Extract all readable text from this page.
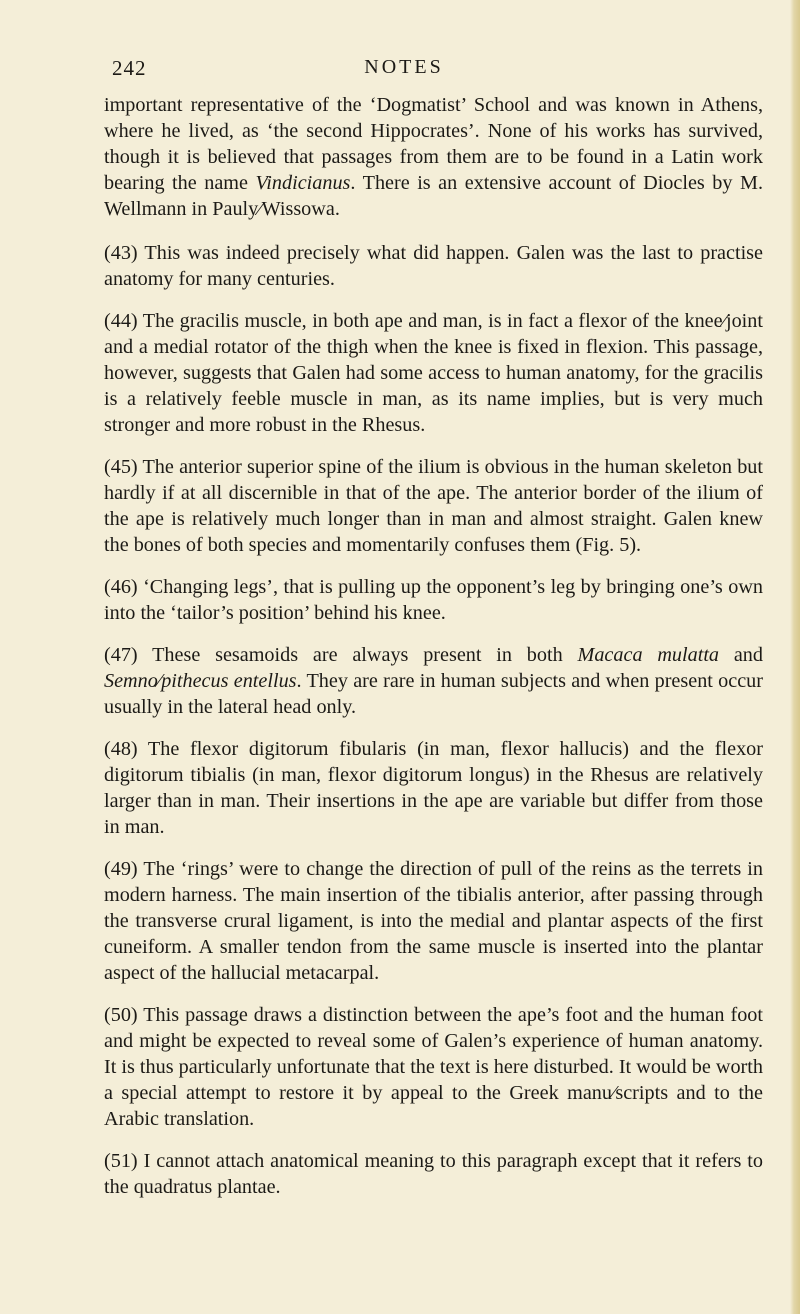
242	NOTES

important representative of the ‘Dogmatist’ School and was known in Athens, where he lived, as ‘the second Hippocrates’. None of his works has survived, though it is believed that passages from them are to be found in a Latin work bearing the name Vindicianus. There is an extensive account of Diocles by M. Wellmann in Pauly⁄Wissowa.

(43) This was indeed precisely what did happen. Galen was the last to practise anatomy for many centuries.

(44) The gracilis muscle, in both ape and man, is in fact a flexor of the knee⁄joint and a medial rotator of the thigh when the knee is fixed in flexion. This passage, however, suggests that Galen had some access to human anatomy, for the gracilis is a relatively feeble muscle in man, as its name implies, but is very much stronger and more robust in the Rhesus.

(45) The anterior superior spine of the ilium is obvious in the human skeleton but hardly if at all discernible in that of the ape. The anterior border of the ilium of the ape is relatively much longer than in man and almost straight. Galen knew the bones of both species and momentarily confuses them (Fig. 5).

(46) ‘Changing legs’, that is pulling up the opponent’s leg by bringing one’s own into the ‘tailor’s position’ behind his knee.

(47) These sesamoids are always present in both Macaca mulatta and Semno⁄pithecus entellus. They are rare in human subjects and when present occur usually in the lateral head only.

(48) The flexor digitorum fibularis (in man, flexor hallucis) and the flexor digitorum tibialis (in man, flexor digitorum longus) in the Rhesus are relatively larger than in man. Their insertions in the ape are variable but differ from those in man.

(49) The ‘rings’ were to change the direction of pull of the reins as the terrets in modern harness. The main insertion of the tibialis anterior, after passing through the transverse crural ligament, is into the medial and plantar aspects of the first cuneiform. A smaller tendon from the same muscle is inserted into the plantar aspect of the hallucial metacarpal.

(50) This passage draws a distinction between the ape’s foot and the human foot and might be expected to reveal some of Galen’s experience of human anatomy. It is thus particularly unfortunate that the text is here disturbed. It would be worth a special attempt to restore it by appeal to the Greek manu⁄scripts and to the Arabic translation.

(51) I cannot attach anatomical meaning to this paragraph except that it refers to the quadratus plantae.
